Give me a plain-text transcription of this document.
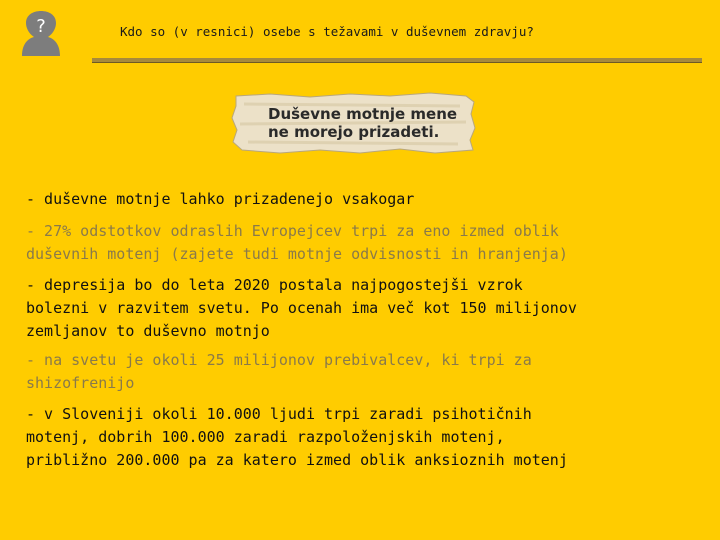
?	Kdo so (v resnici) osebe s težavami v duševnem zdravju?
Duševne motnje mene
ne morejo prizadeti.
- duševne motnje lahko prizadenejo vsakogar
- 27% odstotkov odraslih Evropejcev trpi za eno izmed oblik
duševnih motenj (zajete tudi motnje odvisnosti in hranjenja)
- depresija bo do leta 2020 postala najpogostejši vzrok
bolezni v razvitem svetu. Po ocenah ima več kot 150 milijonov
zemljanov to duševno motnjo
- na svetu je okoli 25 milijonov prebivalcev, ki trpi za
shizofrenijo
- v Sloveniji okoli 10.000 ljudi trpi zaradi psihotičnih
motenj, dobrih 100.000 zaradi razpoloženjskih motenj,
približno 200.000 pa za katero izmed oblik anksioznih motenj
